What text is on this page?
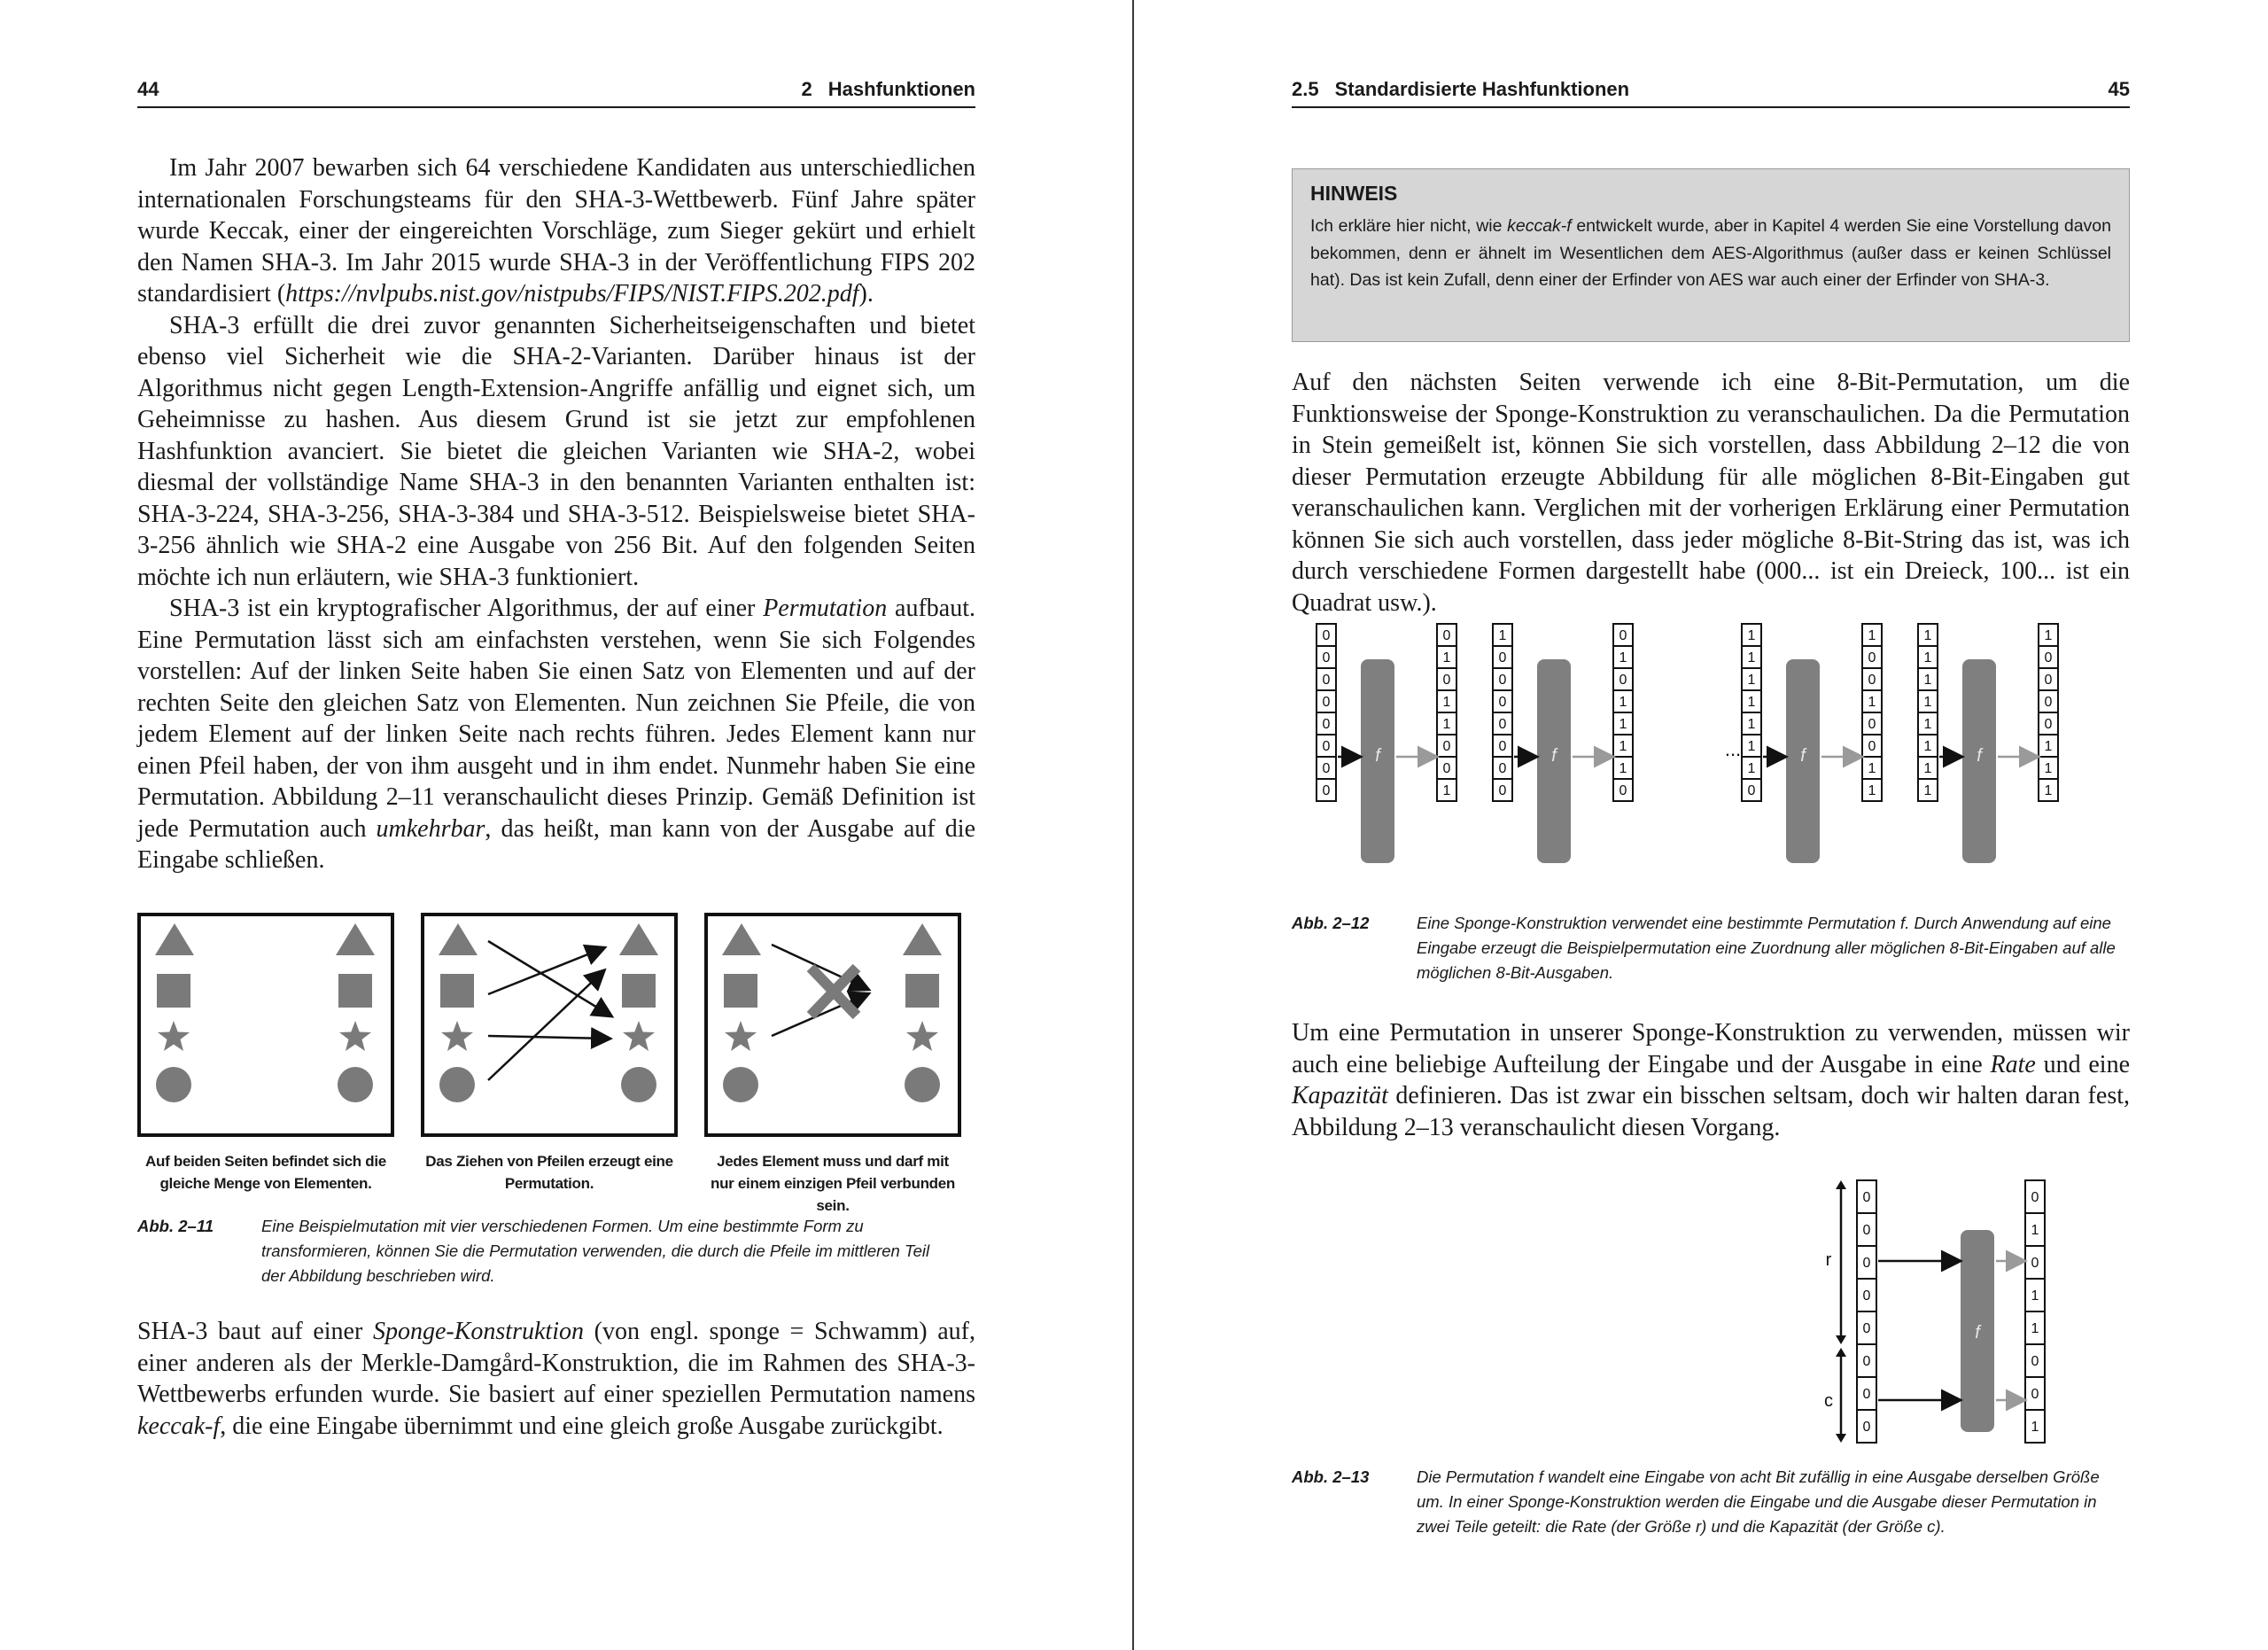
44	2 Hashfunktionen

Im Jahr 2007 bewarben sich 64 verschiedene Kandidaten aus unterschiedlichen internationalen Forschungsteams für den SHA-3-Wettbewerb. Fünf Jahre später wurde Keccak, einer der eingereichten Vorschläge, zum Sieger gekürt und erhielt den Namen SHA-3. Im Jahr 2015 wurde SHA-3 in der Veröffentlichung FIPS 202 standardisiert (https://nvlpubs.nist.gov/nistpubs/FIPS/NIST.FIPS.202.pdf).

SHA-3 erfüllt die drei zuvor genannten Sicherheitseigenschaften und bietet ebenso viel Sicherheit wie die SHA-2-Varianten. Darüber hinaus ist der Algorithmus nicht gegen Length-Extension-Angriffe anfällig und eignet sich, um Geheimnisse zu hashen. Aus diesem Grund ist sie jetzt zur empfohlenen Hashfunktion avanciert. Sie bietet die gleichen Varianten wie SHA-2, wobei diesmal der vollständige Name SHA-3 in den benannten Varianten enthalten ist: SHA-3-224, SHA-3-256, SHA-3-384 und SHA-3-512. Beispielsweise bietet SHA-3-256 ähnlich wie SHA-2 eine Ausgabe von 256 Bit. Auf den folgenden Seiten möchte ich nun erläutern, wie SHA-3 funktioniert.

SHA-3 ist ein kryptografischer Algorithmus, der auf einer Permutation aufbaut. Eine Permutation lässt sich am einfachsten verstehen, wenn Sie sich Folgendes vorstellen: Auf der linken Seite haben Sie einen Satz von Elementen und auf der rechten Seite den gleichen Satz von Elementen. Nun zeichnen Sie Pfeile, die von jedem Element auf der linken Seite nach rechts führen. Jedes Element kann nur einen Pfeil haben, der von ihm ausgeht und in ihm endet. Nunmehr haben Sie eine Permutation. Abbildung 2–11 veranschaulicht dieses Prinzip. Gemäß Definition ist jede Permutation auch umkehrbar, das heißt, man kann von der Ausgabe auf die Eingabe schließen.

Auf beiden Seiten befindet sich die gleiche Menge von Elementen.
Das Ziehen von Pfeilen erzeugt eine Permutation.
Jedes Element muss und darf mit nur einem einzigen Pfeil verbunden sein.
Abb. 2–11	Eine Beispielmutation mit vier verschiedenen Formen. Um eine bestimmte Form zu transformieren, können Sie die Permutation verwenden, die durch die Pfeile im mittleren Teil der Abbildung beschrieben wird.

SHA-3 baut auf einer Sponge-Konstruktion (von engl. sponge = Schwamm) auf, einer anderen als der Merkle-Damgård-Konstruktion, die im Rahmen des SHA-3-Wettbewerbs erfunden wurde. Sie basiert auf einer speziellen Permutation namens keccak-f, die eine Eingabe übernimmt und eine gleich große Ausgabe zurückgibt.

2.5 Standardisierte Hashfunktionen	45
HINWEIS
Ich erkläre hier nicht, wie keccak-f entwickelt wurde, aber in Kapitel 4 werden Sie eine Vorstellung davon bekommen, denn er ähnelt im Wesentlichen dem AES-Algorithmus (außer dass er keinen Schlüssel hat). Das ist kein Zufall, denn einer der Erfinder von AES war auch einer der Erfinder von SHA-3.

Auf den nächsten Seiten verwende ich eine 8-Bit-Permutation, um die Funktionsweise der Sponge-Konstruktion zu veranschaulichen. Da die Permutation in Stein gemeißelt ist, können Sie sich vorstellen, dass Abbildung 2–12 die von dieser Permutation erzeugte Abbildung für alle möglichen 8-Bit-Eingaben gut veranschaulichen kann. Verglichen mit der vorherigen Erklärung einer Permutation können Sie sich auch vorstellen, dass jeder mögliche 8-Bit-String das ist, was ich durch verschiedene Formen dargestellt habe (000... ist ein Dreieck, 100... ist ein Quadrat usw.).

0
0
0
0
0
0
0
0
0
1
0
1
1
0
0
1
f
1
0
0
0
0
0
0
0
0
1
0
1
1
1
1
0
f
1
1
1
1
1
1
1
0
1
0
0
1
0
0
1
1
f
1
1
1
1
1
1
1
1
1
0
0
0
0
1
1
1
f
...
Abb. 2–12	Eine Sponge-Konstruktion verwendet eine bestimmte Permutation f. Durch Anwendung auf eine Eingabe erzeugt die Beispielpermutation eine Zuordnung aller möglichen 8-Bit-Eingaben auf alle möglichen 8-Bit-Ausgaben.

Um eine Permutation in unserer Sponge-Konstruktion zu verwenden, müssen wir auch eine beliebige Aufteilung der Eingabe und der Ausgabe in eine Rate und eine Kapazität definieren. Das ist zwar ein bisschen seltsam, doch wir halten daran fest, Abbildung 2–13 veranschaulicht diesen Vorgang.

0
0
0
0
0
0
0
0
0
1
0
1
1
0
0
1
f
r
c
Abb. 2–13	Die Permutation f wandelt eine Eingabe von acht Bit zufällig in eine Ausgabe derselben Größe um. In einer Sponge-Konstruktion werden die Eingabe und die Ausgabe dieser Permutation in zwei Teile geteilt: die Rate (der Größe r) und die Kapazität (der Größe c).
